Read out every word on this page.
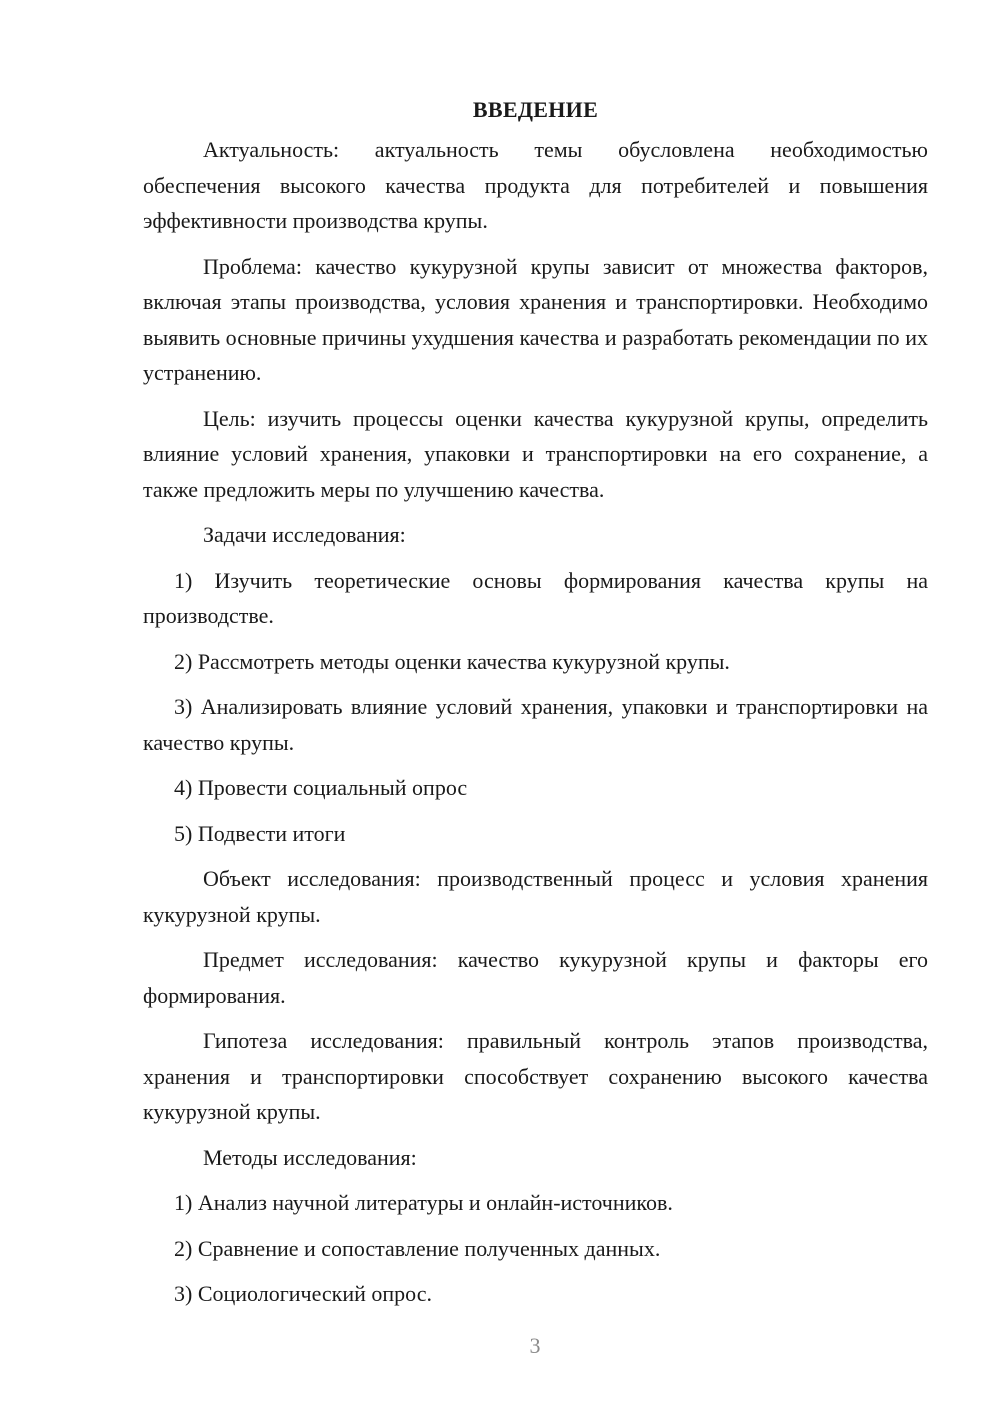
ВВЕДЕНИЕ

Актуальность: актуальность темы обусловлена необходимостью обеспечения высокого качества продукта для потребителей и повышения эффективности производства крупы.

Проблема: качество кукурузной крупы зависит от множества факторов, включая этапы производства, условия хранения и транспортировки. Необходимо выявить основные причины ухудшения качества и разработать рекомендации по их устранению.

Цель: изучить процессы оценки качества кукурузной крупы, определить влияние условий хранения, упаковки и транспортировки на его сохранение, а также предложить меры по улучшению качества.

Задачи исследования:

1) Изучить теоретические основы формирования качества крупы на производстве.

2) Рассмотреть методы оценки качества кукурузной крупы.

3) Анализировать влияние условий хранения, упаковки и транспортировки на качество крупы.

4) Провести социальный опрос

5) Подвести итоги

Объект исследования: производственный процесс и условия хранения кукурузной крупы.

Предмет исследования: качество кукурузной крупы и факторы его формирования.

Гипотеза исследования: правильный контроль этапов производства, хранения и транспортировки способствует сохранению высокого качества кукурузной крупы.

Методы исследования:

1) Анализ научной литературы и онлайн-источников.

2) Сравнение и сопоставление полученных данных.

3) Социологический опрос.

3
